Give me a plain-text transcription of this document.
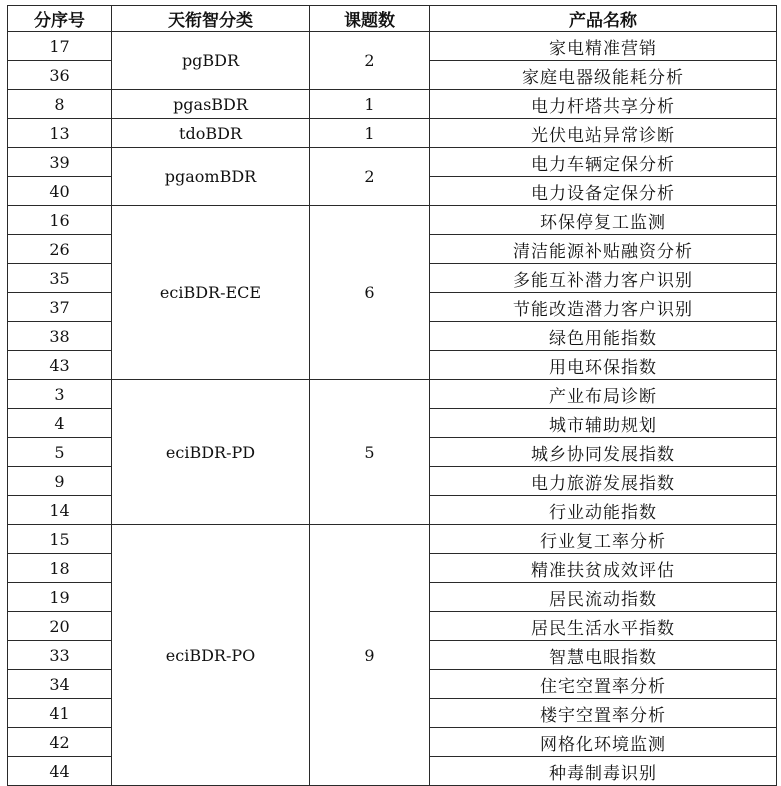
分序号	天衔智分类	课题数	产品名称
17	pgBDR	2	家电精准营销
36			家庭电器级能耗分析
8	pgasBDR	1	电力杆塔共享分析
13	tdoBDR	1	光伏电站异常诊断
39	pgaomBDR	2	电力车辆定保分析
40			电力设备定保分析
16	eciBDR-ECE	6	环保停复工监测
26			清洁能源补贴融资分析
35			多能互补潜力客户识别
37			节能改造潜力客户识别
38			绿色用能指数
43			用电环保指数
3	eciBDR-PD	5	产业布局诊断
4			城市辅助规划
5			城乡协同发展指数
9			电力旅游发展指数
14			行业动能指数
15	eciBDR-PO	9	行业复工率分析
18			精准扶贫成效评估
19			居民流动指数
20			居民生活水平指数
33			智慧电眼指数
34			住宅空置率分析
41			楼宇空置率分析
42			网格化环境监测
44			种毒制毒识别
